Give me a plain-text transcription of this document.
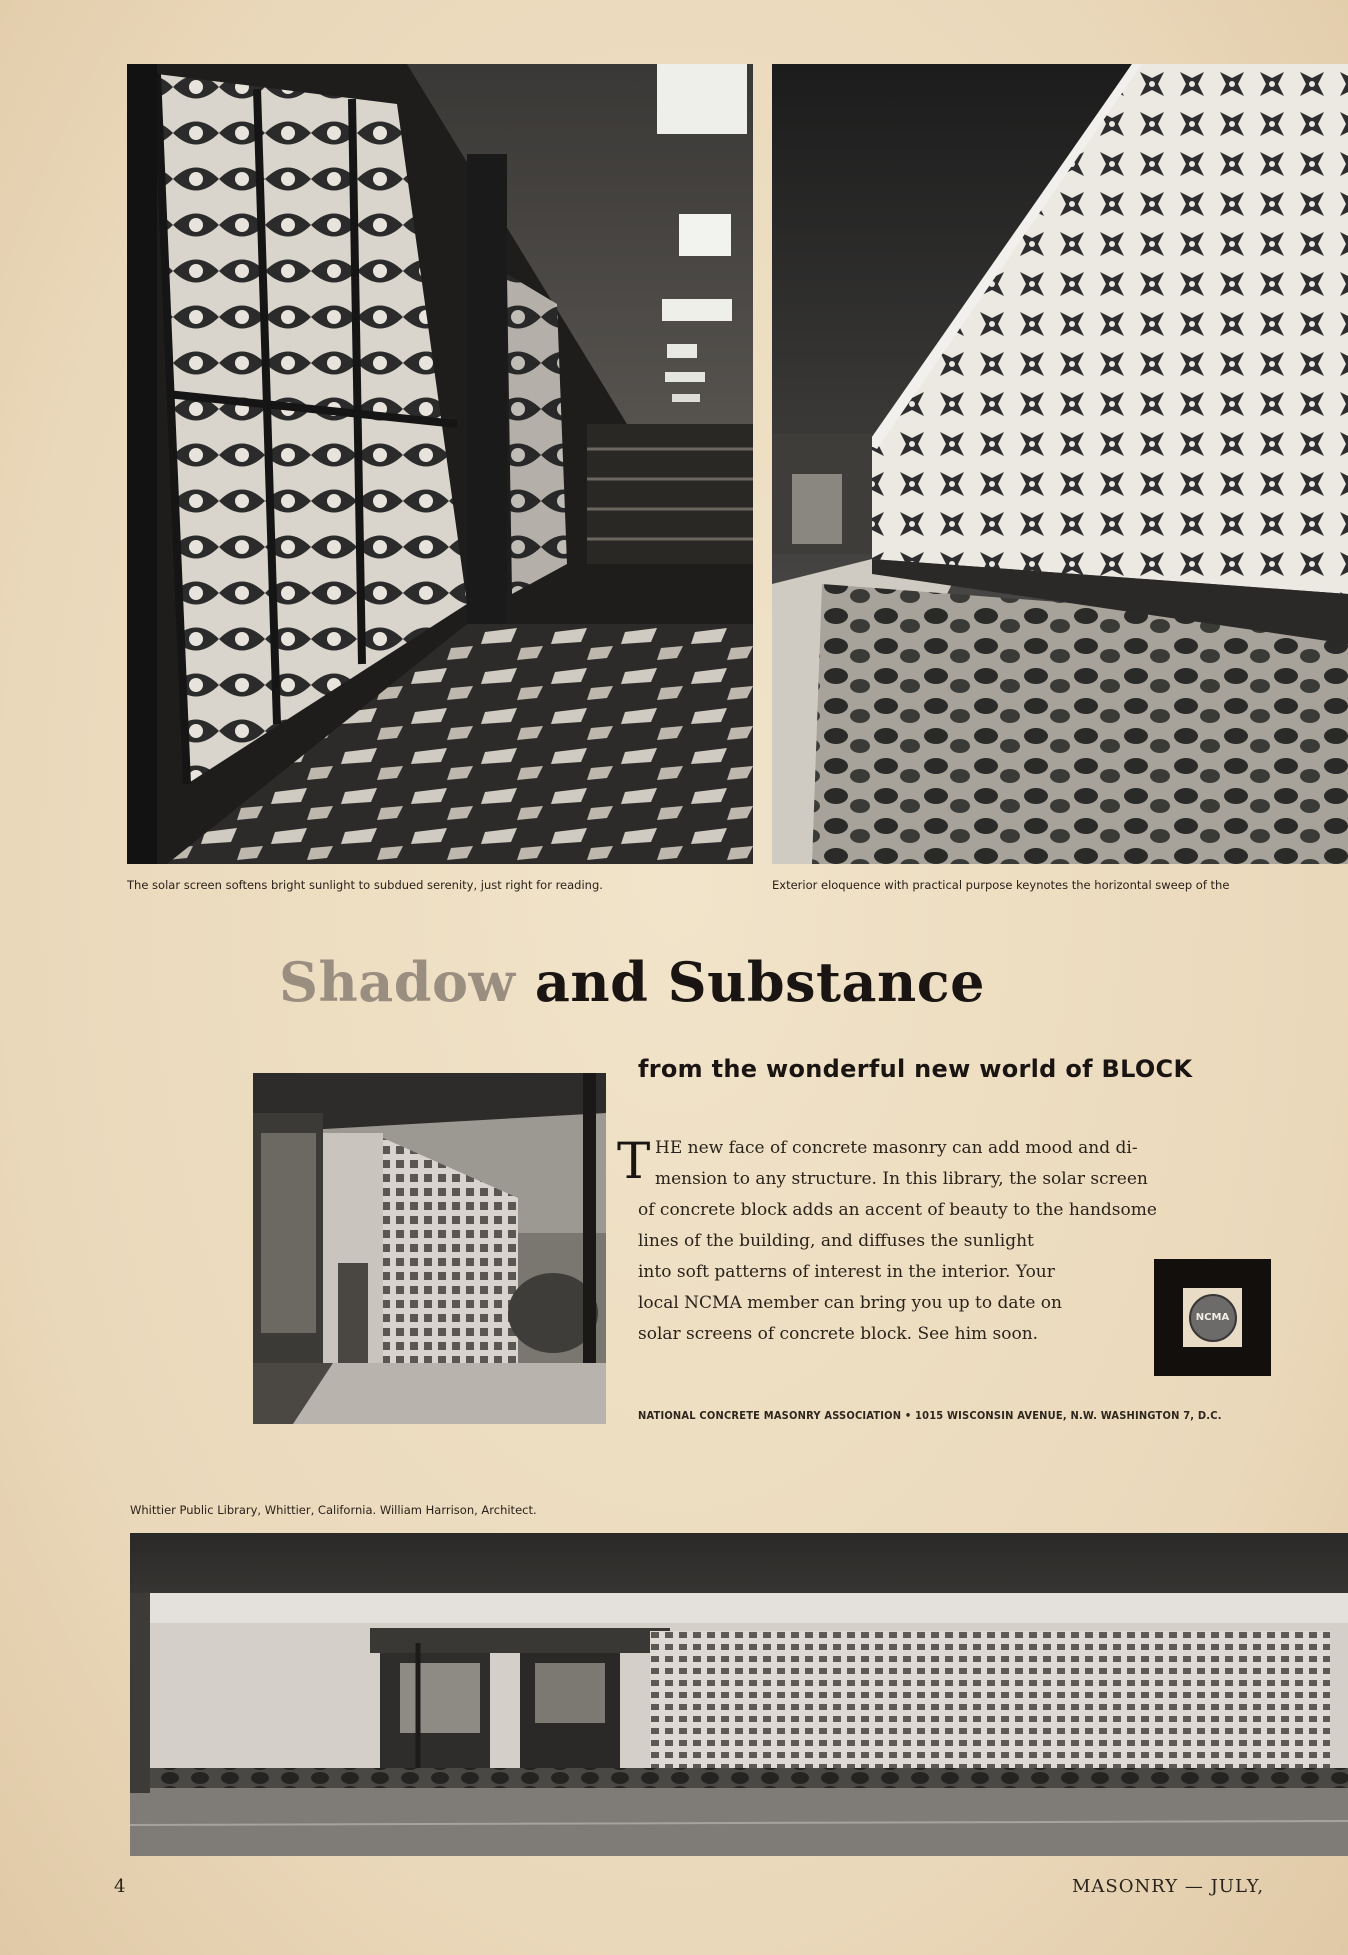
The solar screen softens bright sunlight to subdued serenity, just right for reading.	Exterior eloquence with practical purpose keynotes the horizontal sweep of the
Shadow and Substance
from the wonderful new world of BLOCK
T HE new face of concrete masonry can add mood and di-
mension to any structure. In this library, the solar screen
of concrete block adds an accent of beauty to the handsome
lines of the building, and diffuses the sunlight
into soft patterns of interest in the interior. Your
local NCMA member can bring you up to date on
solar screens of concrete block. See him soon.
NCMA
NATIONAL CONCRETE MASONRY ASSOCIATION • 1015 WISCONSIN AVENUE, N.W. WASHINGTON 7, D.C.
Whittier Public Library, Whittier, California. William Harrison, Architect.
4	MASONRY — JULY,
